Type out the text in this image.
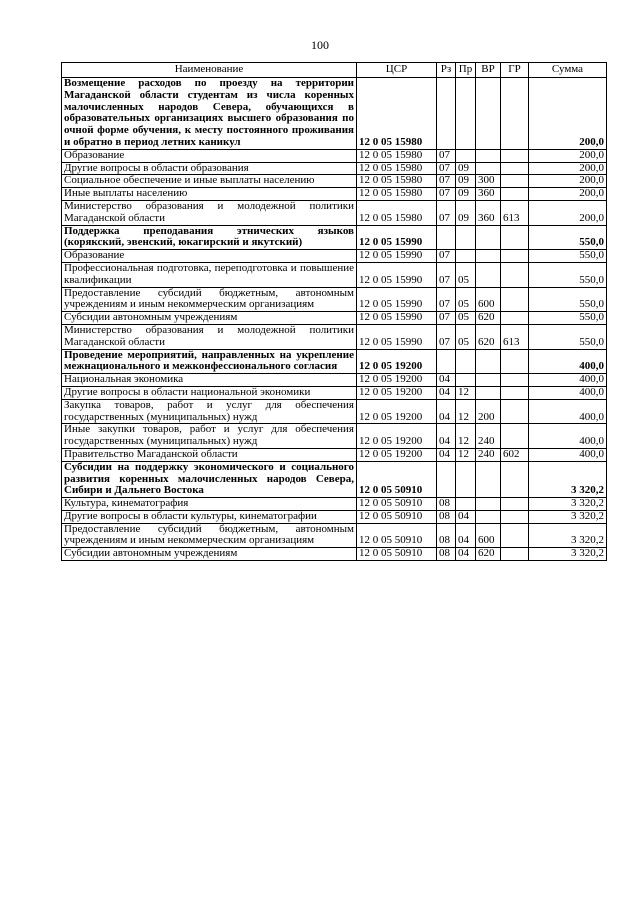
100
Наименование	ЦСР	Рз	Пр	ВР	ГР	Сумма
Возмещение расходов по проезду на территории Магаданской области студентам из числа коренных малочисленных народов Севера, обучающихся в образовательных организациях высшего образования по очной форме обучения, к месту постоянного проживания и обратно в период летних каникул	12 0 05 15980					200,0
Образование	12 0 05 15980	07				200,0
Другие вопросы в области образования	12 0 05 15980	07	09			200,0
Социальное обеспечение и иные выплаты населению	12 0 05 15980	07	09	300		200,0
Иные выплаты населению	12 0 05 15980	07	09	360		200,0
Министерство образования и молодежной политики Магаданской области	12 0 05 15980	07	09	360	613	200,0
Поддержка преподавания этнических языков (корякский, эвенский, юкагирский и якутский)	12 0 05 15990					550,0
Образование	12 0 05 15990	07				550,0
Профессиональная подготовка, переподготовка и повышение квалификации	12 0 05 15990	07	05			550,0
Предоставление субсидий бюджетным, автономным учреждениям и иным некоммерческим организациям	12 0 05 15990	07	05	600		550,0
Субсидии автономным учреждениям	12 0 05 15990	07	05	620		550,0
Министерство образования и молодежной политики Магаданской области	12 0 05 15990	07	05	620	613	550,0
Проведение мероприятий, направленных на укрепление межнационального и межконфессионального согласия	12 0 05 19200					400,0
Национальная экономика	12 0 05 19200	04				400,0
Другие вопросы в области национальной экономики	12 0 05 19200	04	12			400,0
Закупка товаров, работ и услуг для обеспечения государственных (муниципальных) нужд	12 0 05 19200	04	12	200		400,0
Иные закупки товаров, работ и услуг для обеспечения государственных (муниципальных) нужд	12 0 05 19200	04	12	240		400,0
Правительство Магаданской области	12 0 05 19200	04	12	240	602	400,0
Субсидии на поддержку экономического и социального развития коренных малочисленных народов Севера, Сибири и Дальнего Востока	12 0 05 50910					3 320,2
Культура, кинематография	12 0 05 50910	08				3 320,2
Другие вопросы в области культуры, кинематографии	12 0 05 50910	08	04			3 320,2
Предоставление субсидий бюджетным, автономным учреждениям и иным некоммерческим организациям	12 0 05 50910	08	04	600		3 320,2
Субсидии автономным учреждениям	12 0 05 50910	08	04	620		3 320,2
